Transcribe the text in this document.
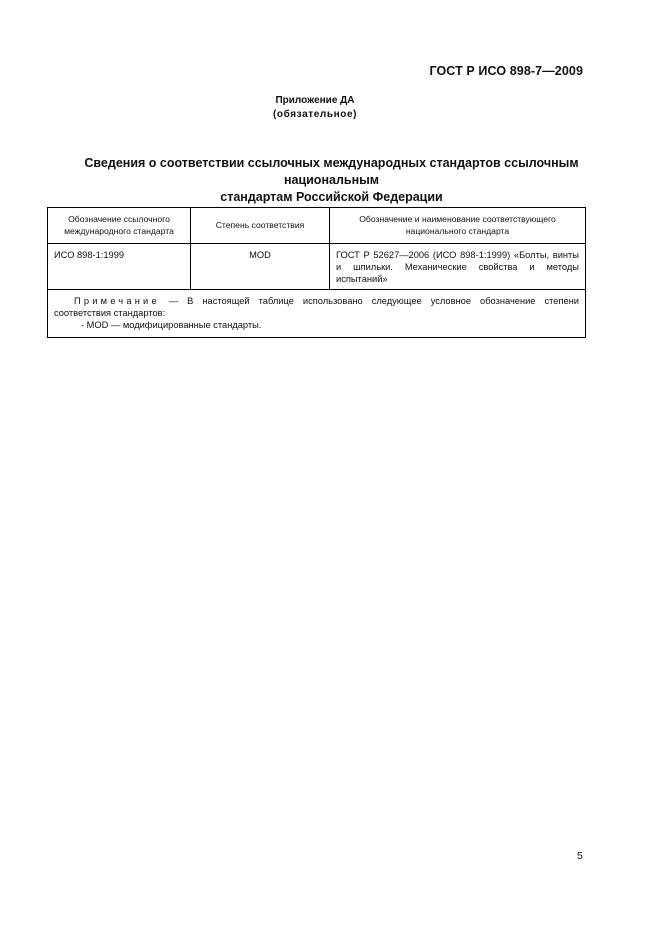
ГОСТ Р ИСО 898-7—2009
Приложение ДА
(обязательное)
Сведения о соответствии ссылочных международных стандартов ссылочным национальным
стандартам Российской Федерации
Обозначение ссылочного международного стандарта	Степень соответствия	Обозначение и наименование соответствующего национального стандарта
ИСО 898-1:1999	MOD	ГОСТ Р 52627—2006 (ИСО 898-1:1999) «Болты, винты и шпильки. Механические свойства и методы испытаний»

Примечание — В настоящей таблице использовано следующее условное обозначение степени соответствия стандартов:
- MOD — модифицированные стандарты.		
5
